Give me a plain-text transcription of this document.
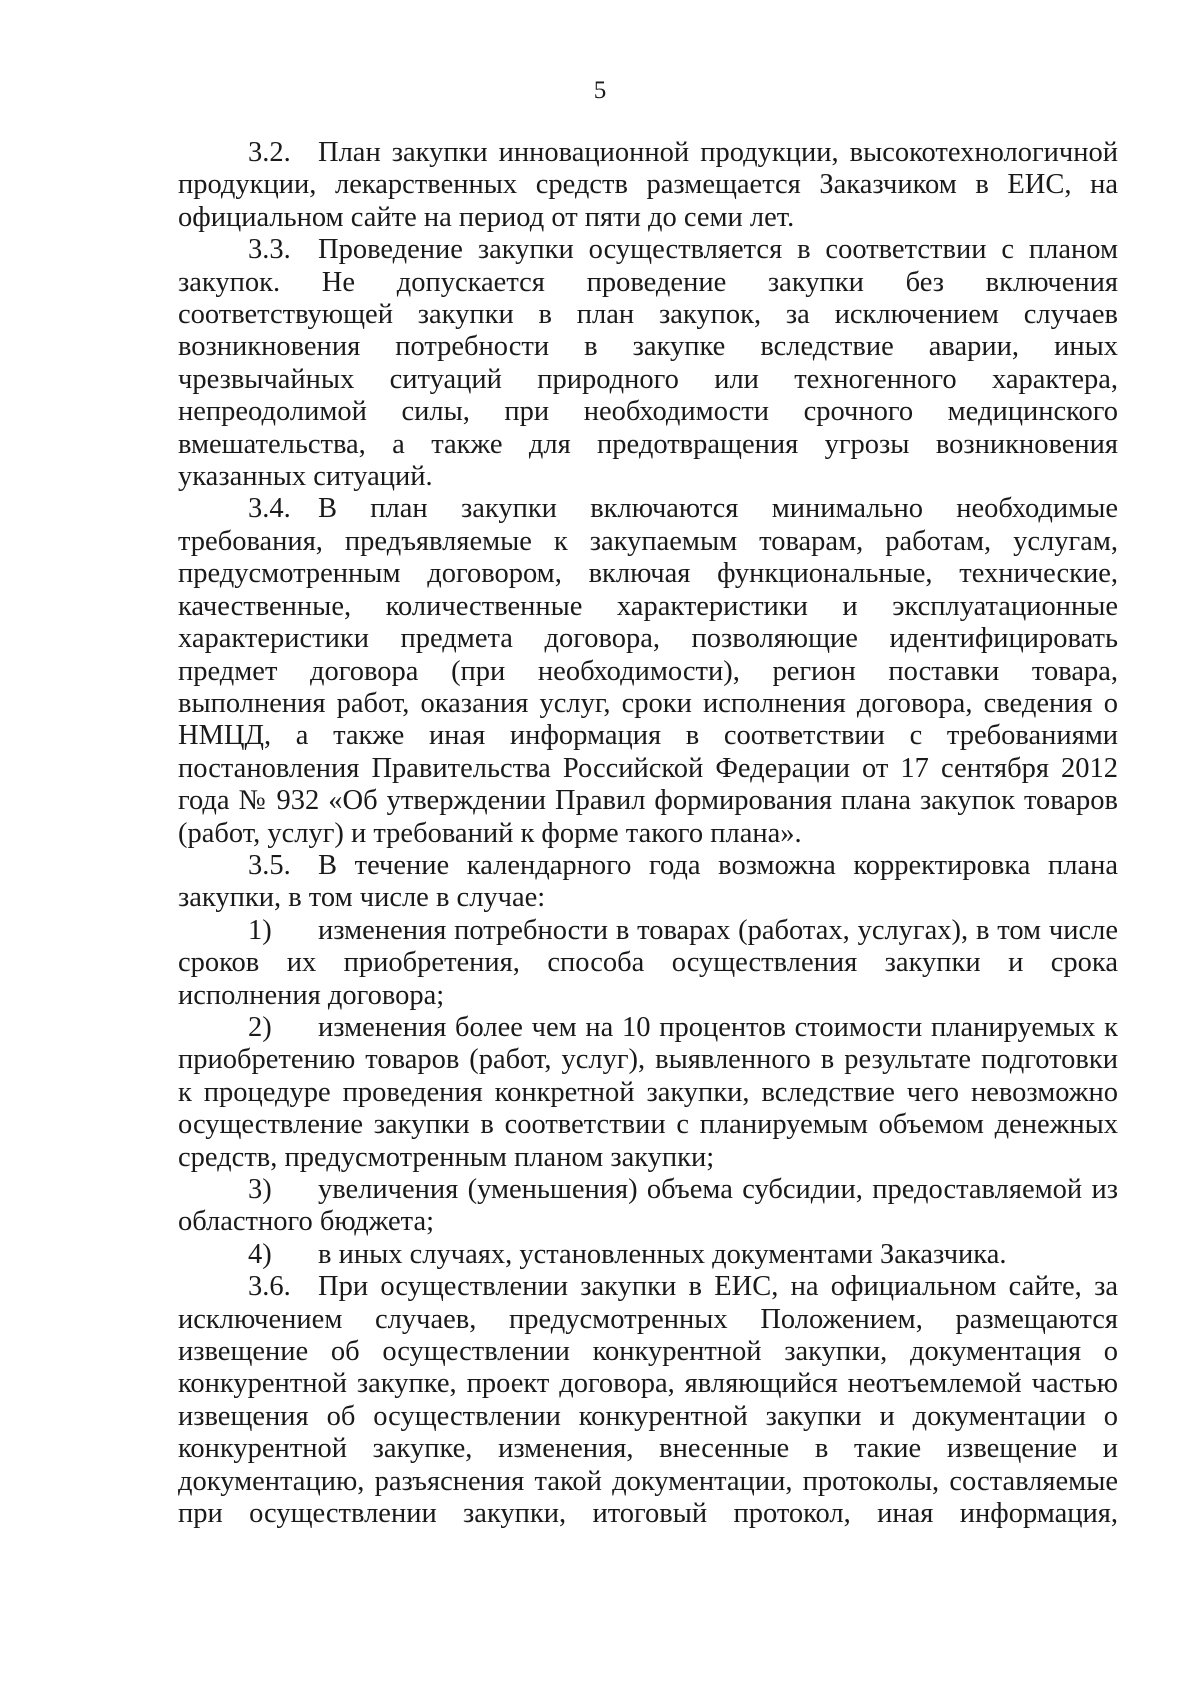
5

3.2. План закупки инновационной продукции, высокотехнологичной продукции, лекарственных средств размещается Заказчиком в ЕИС, на официальном сайте на период от пяти до семи лет.

3.3. Проведение закупки осуществляется в соответствии с планом закупок. Не допускается проведение закупки без включения соответствующей закупки в план закупок, за исключением случаев возникновения потребности в закупке вследствие аварии, иных чрезвычайных ситуаций природного или техногенного характера, непреодолимой силы, при необходимости срочного медицинского вмешательства, а также для предотвращения угрозы возникновения указанных ситуаций.

3.4. В план закупки включаются минимально необходимые требования, предъявляемые к закупаемым товарам, работам, услугам, предусмотренным договором, включая функциональные, технические, качественные, количественные характеристики и эксплуатационные характеристики предмета договора, позволяющие идентифицировать предмет договора (при необходимости), регион поставки товара, выполнения работ, оказания услуг, сроки исполнения договора, сведения о НМЦД, а также иная информация в соответствии с требованиями постановления Правительства Российской Федерации от 17 сентября 2012 года № 932 «Об утверждении Правил формирования плана закупок товаров (работ, услуг) и требований к форме такого плана».

3.5. В течение календарного года возможна корректировка плана закупки, в том числе в случае:

1) изменения потребности в товарах (работах, услугах), в том числе сроков их приобретения, способа осуществления закупки и срока исполнения договора;

2) изменения более чем на 10 процентов стоимости планируемых к приобретению товаров (работ, услуг), выявленного в результате подготовки к процедуре проведения конкретной закупки, вследствие чего невозможно осуществление закупки в соответствии с планируемым объемом денежных средств, предусмотренным планом закупки;

3) увеличения (уменьшения) объема субсидии, предоставляемой из областного бюджета;

4) в иных случаях, установленных документами Заказчика.

3.6. При осуществлении закупки в ЕИС, на официальном сайте, за исключением случаев, предусмотренных Положением, размещаются извещение об осуществлении конкурентной закупки, документация о конкурентной закупке, проект договора, являющийся неотъемлемой частью извещения об осуществлении конкурентной закупки и документации о конкурентной закупке, изменения, внесенные в такие извещение и документацию, разъяснения такой документации, протоколы, составляемые при осуществлении закупки, итоговый протокол, иная информация,
